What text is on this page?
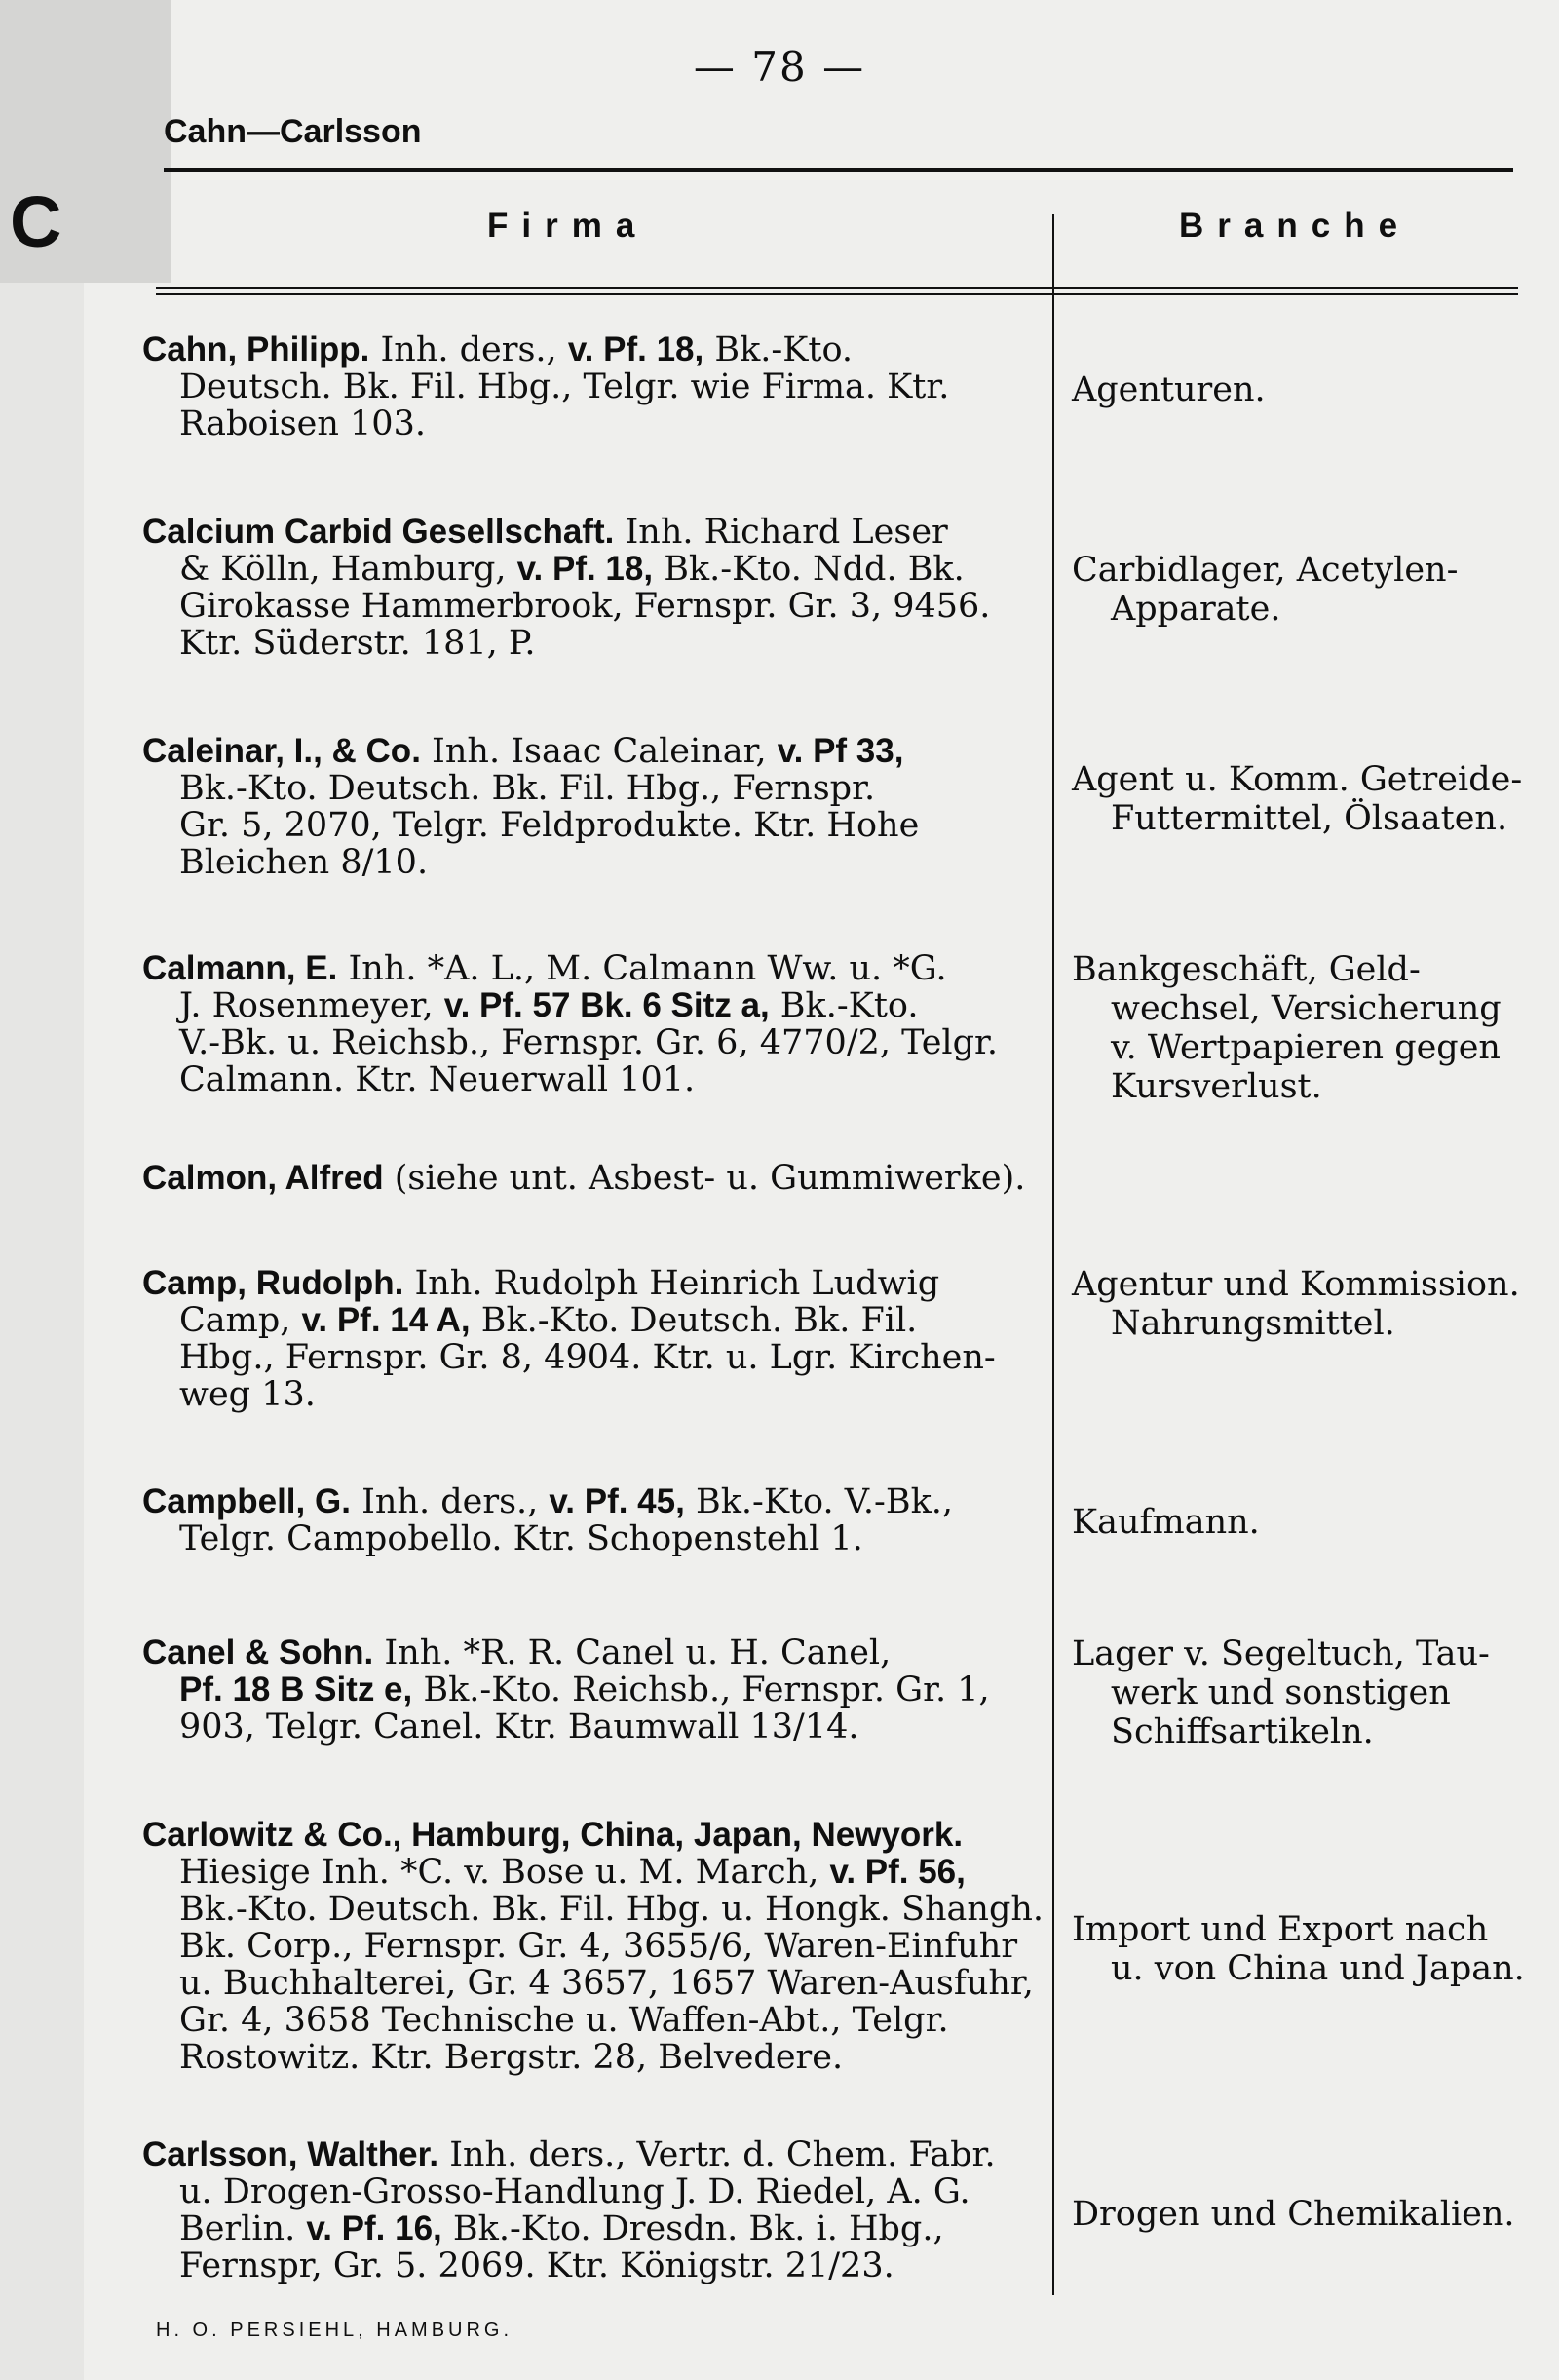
C
— 78 —
Cahn—Carlsson
Firma	Branche
Cahn, Philipp. Inh. ders., v. Pf. 18, Bk.-Kto.
Deutsch. Bk. Fil. Hbg., Telgr. wie Firma. Ktr.
Raboisen 103.
Agenturen.
Calcium Carbid Gesellschaft. Inh. Richard Leser
& Kölln, Hamburg, v. Pf. 18, Bk.-Kto. Ndd. Bk.
Girokasse Hammerbrook, Fernspr. Gr. 3, 9456.
Ktr. Süderstr. 181, P.
Carbidlager, Acetylen-
Apparate.
Caleinar, I., & Co. Inh. Isaac Caleinar, v. Pf 33,
Bk.-Kto. Deutsch. Bk. Fil. Hbg., Fernspr.
Gr. 5, 2070, Telgr. Feldprodukte. Ktr. Hohe
Bleichen 8/10.
Agent u. Komm. Getreide-
Futtermittel, Ölsaaten.
Calmann, E. Inh. *A. L., M. Calmann Ww. u. *G.
J. Rosenmeyer, v. Pf. 57 Bk. 6 Sitz a, Bk.-Kto.
V.-Bk. u. Reichsb., Fernspr. Gr. 6, 4770/2, Telgr.
Calmann. Ktr. Neuerwall 101.
Bankgeschäft, Geld-
wechsel, Versicherung
v. Wertpapieren gegen
Kursverlust.
Calmon, Alfred (siehe unt. Asbest- u. Gummiwerke).
Camp, Rudolph. Inh. Rudolph Heinrich Ludwig
Camp, v. Pf. 14 A, Bk.-Kto. Deutsch. Bk. Fil.
Hbg., Fernspr. Gr. 8, 4904. Ktr. u. Lgr. Kirchen-
weg 13.
Agentur und Kommission.
Nahrungsmittel.
Campbell, G. Inh. ders., v. Pf. 45, Bk.-Kto. V.-Bk.,
Telgr. Campobello. Ktr. Schopenstehl 1.	Kaufmann.
Canel & Sohn. Inh. *R. R. Canel u. H. Canel,
Pf. 18 B Sitz e, Bk.-Kto. Reichsb., Fernspr. Gr. 1,
903, Telgr. Canel. Ktr. Baumwall 13/14.
Lager v. Segeltuch, Tau-
werk und sonstigen
Schiffsartikeln.
Carlowitz & Co., Hamburg, China, Japan, Newyork.
Hiesige Inh. *C. v. Bose u. M. March, v. Pf. 56,
Bk.-Kto. Deutsch. Bk. Fil. Hbg. u. Hongk. Shangh.
Bk. Corp., Fernspr. Gr. 4, 3655/6, Waren-Einfuhr
u. Buchhalterei, Gr. 4 3657, 1657 Waren-Ausfuhr,
Gr. 4, 3658 Technische u. Waffen-Abt., Telgr.
Rostowitz. Ktr. Bergstr. 28, Belvedere.
Import und Export nach
u. von China und Japan.
Carlsson, Walther. Inh. ders., Vertr. d. Chem. Fabr.
u. Drogen-Grosso-Handlung J. D. Riedel, A. G.
Berlin. v. Pf. 16, Bk.-Kto. Dresdn. Bk. i. Hbg.,
Fernspr, Gr. 5. 2069. Ktr. Königstr. 21/23.
Drogen und Chemikalien.
H. O. PERSIEHL, HAMBURG.
